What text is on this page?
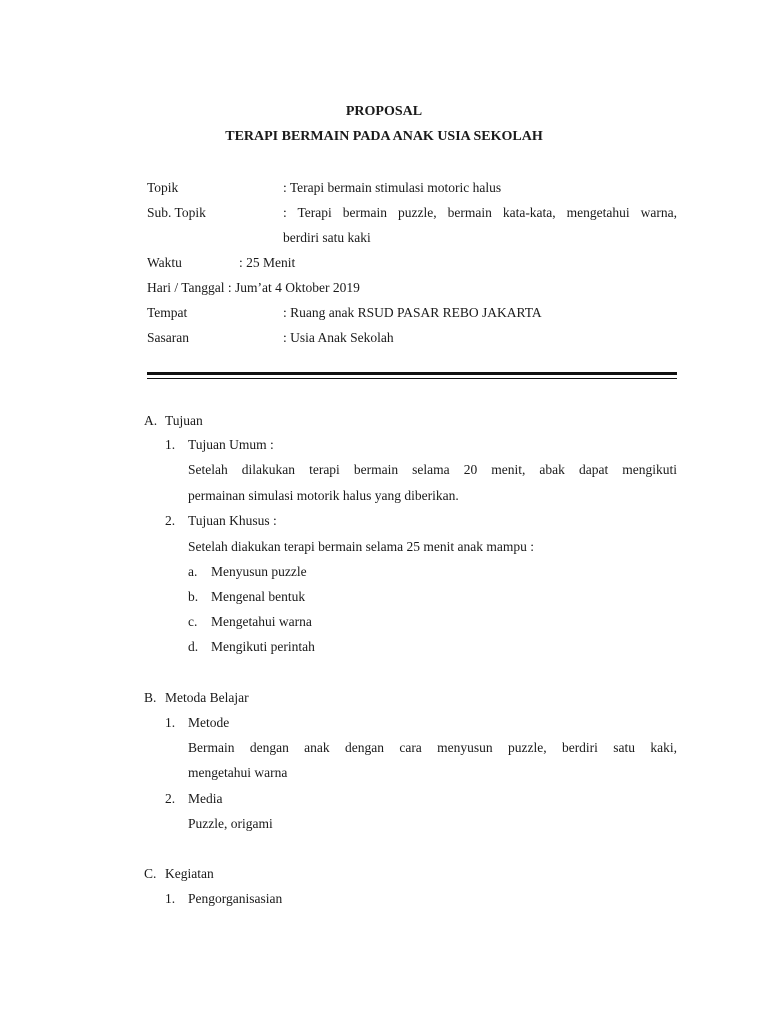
PROPOSAL
TERAPI BERMAIN PADA ANAK USIA SEKOLAH
Topik	: Terapi bermain stimulasi motoric halus
Sub. Topik	: Terapi bermain puzzle, bermain kata-kata, mengetahui warna,
berdiri satu kaki
Waktu	: 25 Menit
Hari / Tanggal : Jum’at 4 Oktober 2019
Tempat	: Ruang anak RSUD PASAR REBO JAKARTA
Sasaran	: Usia Anak Sekolah
A. Tujuan
1. Tujuan Umum :
Setelah dilakukan terapi bermain selama 20 menit, abak dapat mengikuti
permainan simulasi motorik halus yang diberikan.
2. Tujuan Khusus :
Setelah diakukan terapi bermain selama 25 menit anak mampu :
a. Menyusun puzzle
b. Mengenal bentuk
c. Mengetahui warna
d. Mengikuti perintah
B. Metoda Belajar
1. Metode
Bermain dengan anak dengan cara menyusun puzzle, berdiri satu kaki,
mengetahui warna
2. Media
Puzzle, origami
C. Kegiatan
1. Pengorganisasian
